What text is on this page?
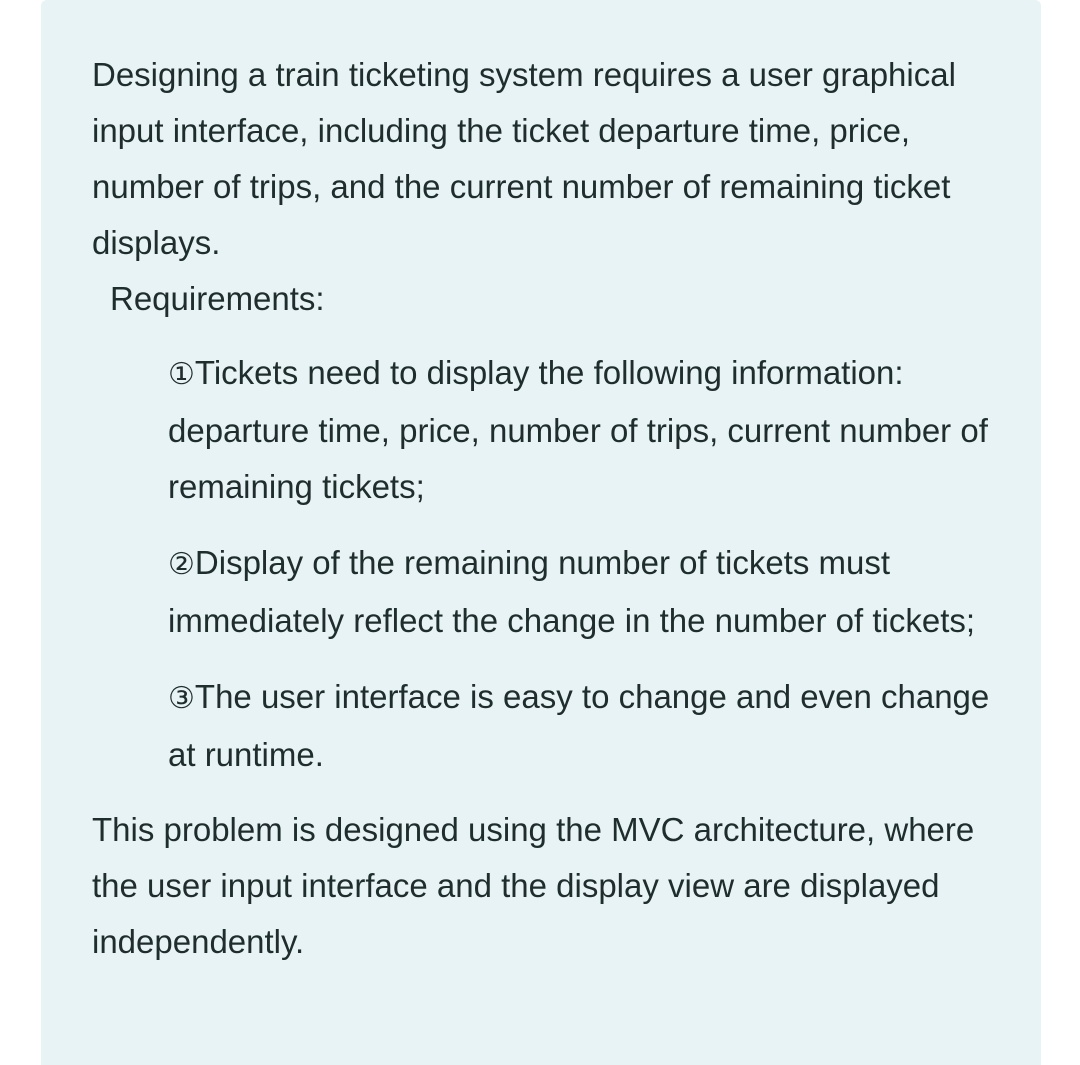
Designing a train ticketing system requires a user graphical input interface, including the ticket departure time, price, number of trips, and the current number of remaining ticket displays.

Requirements:

①Tickets need to display the following information: departure time, price, number of trips, current number of remaining tickets;
②Display of the remaining number of tickets must immediately reflect the change in the number of tickets;
③The user interface is easy to change and even change at runtime.

This problem is designed using the MVC architecture, where the user input interface and the display view are displayed independently.
